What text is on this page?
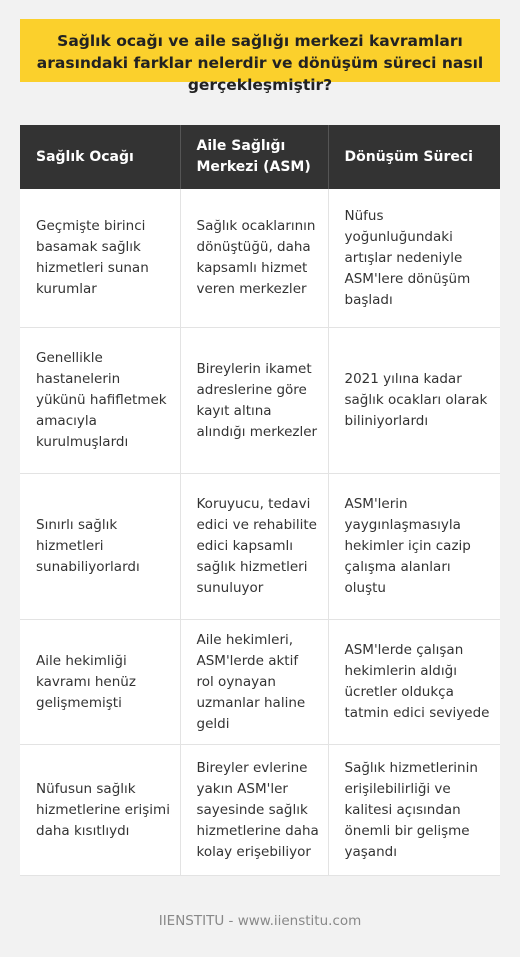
Sağlık ocağı ve aile sağlığı merkezi kavramları arasındaki farklar nelerdir ve dönüşüm süreci nasıl gerçekleşmiştir?
Sağlık Ocağı	Aile Sağlığı Merkezi (ASM)	Dönüşüm Süreci
Geçmişte birinci basamak sağlık hizmetleri sunan kurumlar	Sağlık ocaklarının dönüştüğü, daha kapsamlı hizmet veren merkezler	Nüfus yoğunluğundaki artışlar nedeniyle ASM'lere dönüşüm başladı
Genellikle hastanelerin yükünü hafifletmek amacıyla kurulmuşlardı	Bireylerin ikamet adreslerine göre kayıt altına alındığı merkezler	2021 yılına kadar sağlık ocakları olarak biliniyorlardı
Sınırlı sağlık hizmetleri sunabiliyorlardı	Koruyucu, tedavi edici ve rehabilite edici kapsamlı sağlık hizmetleri sunuluyor	ASM'lerin yaygınlaşmasıyla hekimler için cazip çalışma alanları oluştu
Aile hekimliği kavramı henüz gelişmemişti	Aile hekimleri, ASM'lerde aktif rol oynayan uzmanlar haline geldi	ASM'lerde çalışan hekimlerin aldığı ücretler oldukça tatmin edici seviyede
Nüfusun sağlık hizmetlerine erişimi daha kısıtlıydı	Bireyler evlerine yakın ASM'ler sayesinde sağlık hizmetlerine daha kolay erişebiliyor	Sağlık hizmetlerinin erişilebilirliği ve kalitesi açısından önemli bir gelişme yaşandı
IIENSTITU - www.iienstitu.com
